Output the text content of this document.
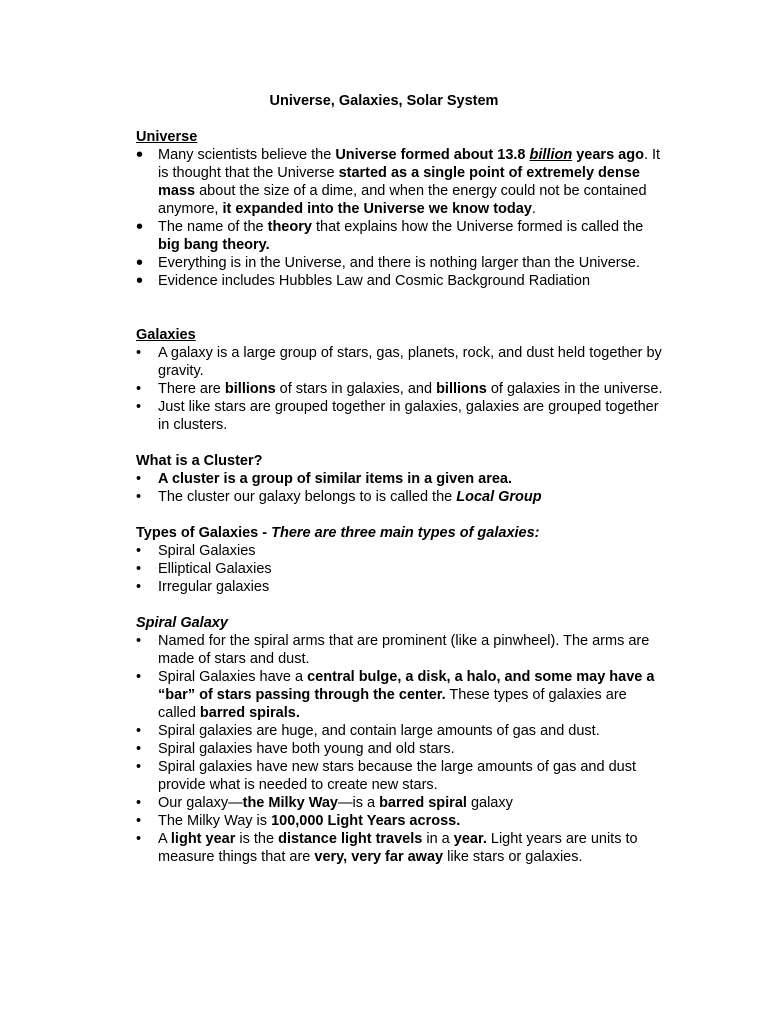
Universe, Galaxies, Solar System
Universe
• Many scientists believe the Universe formed about 13.8 billion years ago. It is thought that the Universe started as a single point of extremely dense mass about the size of a dime, and when the energy could not be contained anymore, it expanded into the Universe we know today.
• The name of the theory that explains how the Universe formed is called the big bang theory.
• Everything is in the Universe, and there is nothing larger than the Universe.
• Evidence includes Hubbles Law and Cosmic Background Radiation
Galaxies
• A galaxy is a large group of stars, gas, planets, rock, and dust held together by gravity.
• There are billions of stars in galaxies, and billions of galaxies in the universe.
• Just like stars are grouped together in galaxies, galaxies are grouped together in clusters.
What is a Cluster?
• A cluster is a group of similar items in a given area.
• The cluster our galaxy belongs to is called the Local Group
Types of Galaxies - There are three main types of galaxies:
• Spiral Galaxies
• Elliptical Galaxies
• Irregular galaxies
Spiral Galaxy
• Named for the spiral arms that are prominent (like a pinwheel). The arms are made of stars and dust.
• Spiral Galaxies have a central bulge, a disk, a halo, and some may have a “bar” of stars passing through the center. These types of galaxies are called barred spirals.
• Spiral galaxies are huge, and contain large amounts of gas and dust.
• Spiral galaxies have both young and old stars.
• Spiral galaxies have new stars because the large amounts of gas and dust provide what is needed to create new stars.
• Our galaxy—the Milky Way—is a barred spiral galaxy
• The Milky Way is 100,000 Light Years across.
• A light year is the distance light travels in a year. Light years are units to measure things that are very, very far away like stars or galaxies.
